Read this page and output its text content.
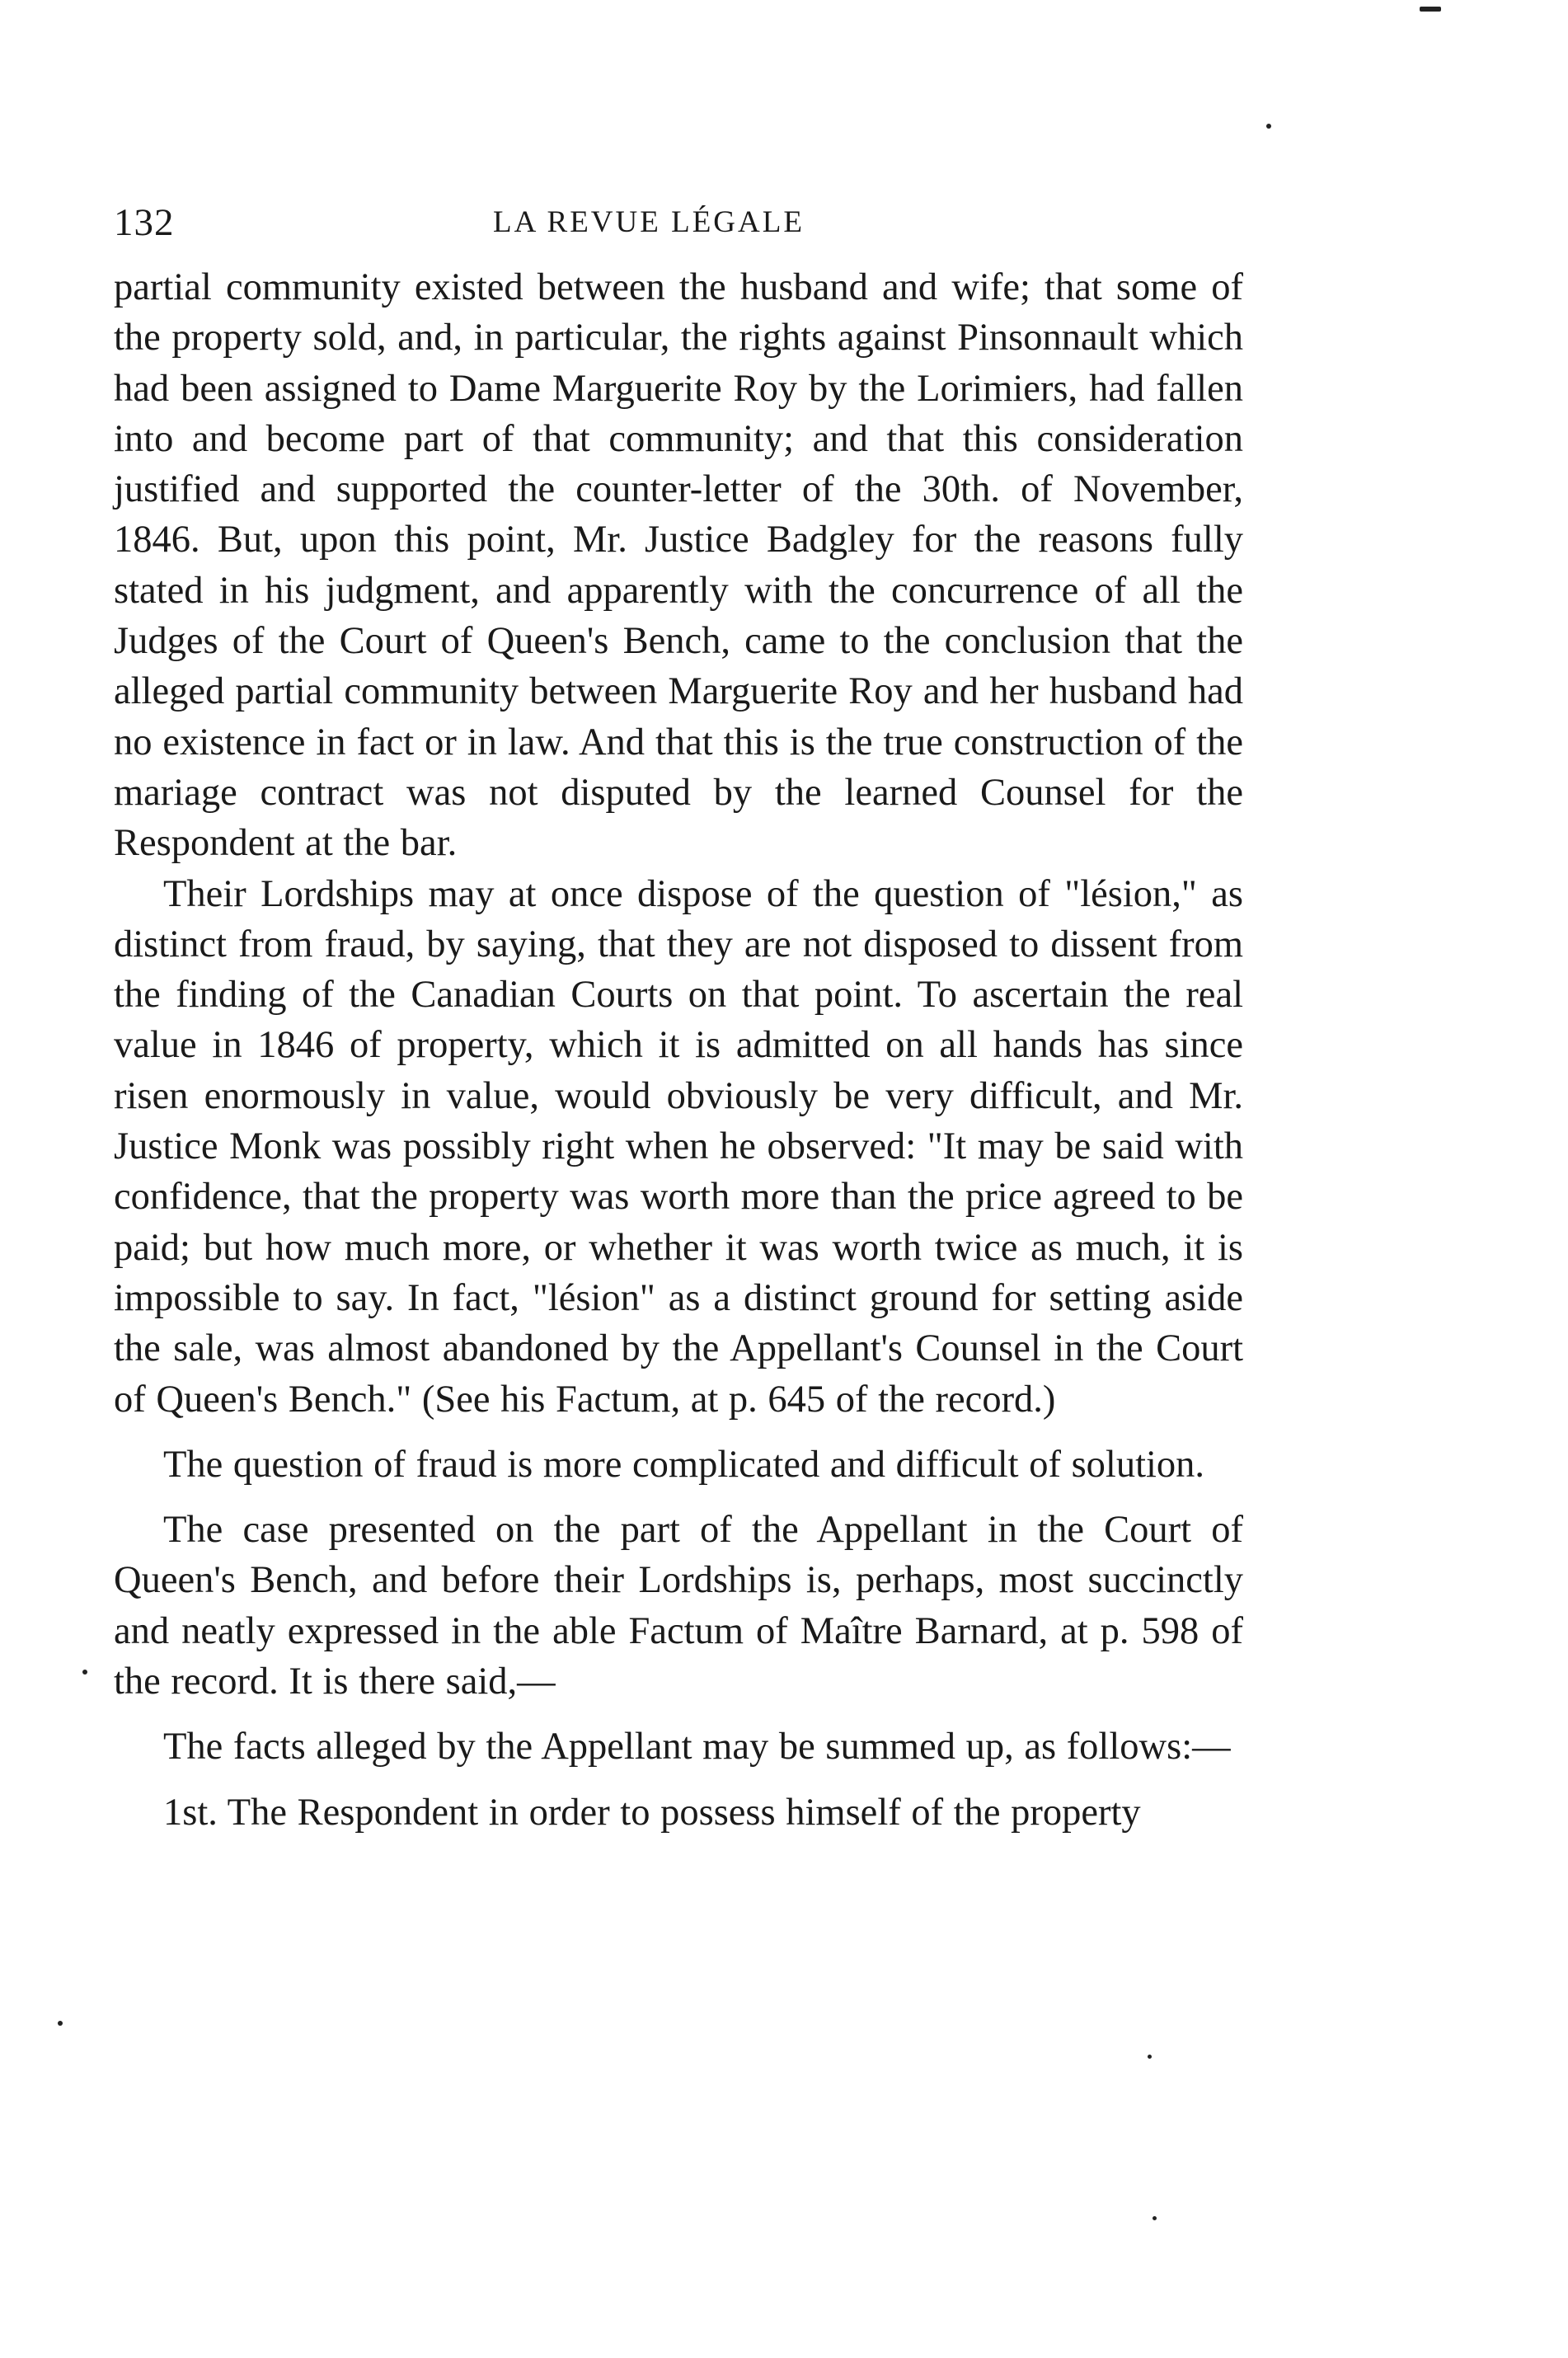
132	LA REVUE LÉGALE

partial community existed between the husband and wife; that some of the property sold, and, in particular, the rights against Pinsonnault which had been assigned to Dame Marguerite Roy by the Lorimiers, had fallen into and become part of that community; and that this consideration justified and supported the counter-letter of the 30th. of November, 1846. But, upon this point, Mr. Justice Badgley for the reasons fully stated in his judgment, and apparently with the concurrence of all the Judges of the Court of Queen's Bench, came to the conclusion that the alleged partial community between Marguerite Roy and her husband had no existence in fact or in law. And that this is the true construction of the mariage contract was not disputed by the learned Counsel for the Respondent at the bar.

Their Lordships may at once dispose of the question of "lésion," as distinct from fraud, by saying, that they are not disposed to dissent from the finding of the Canadian Courts on that point. To ascertain the real value in 1846 of property, which it is admitted on all hands has since risen enormously in value, would obviously be very difficult, and Mr. Justice Monk was possibly right when he observed: "It may be said with confidence, that the property was worth more than the price agreed to be paid; but how much more, or whether it was worth twice as much, it is impossible to say. In fact, "lésion" as a distinct ground for setting aside the sale, was almost abandoned by the Appellant's Counsel in the Court of Queen's Bench." (See his Factum, at p. 645 of the record.)

The question of fraud is more complicated and difficult of solution.

The case presented on the part of the Appellant in the Court of Queen's Bench, and before their Lordships is, perhaps, most succinctly and neatly expressed in the able Factum of Maître Barnard, at p. 598 of the record. It is there said,—

The facts alleged by the Appellant may be summed up, as follows:—

1st. The Respondent in order to possess himself of the property
